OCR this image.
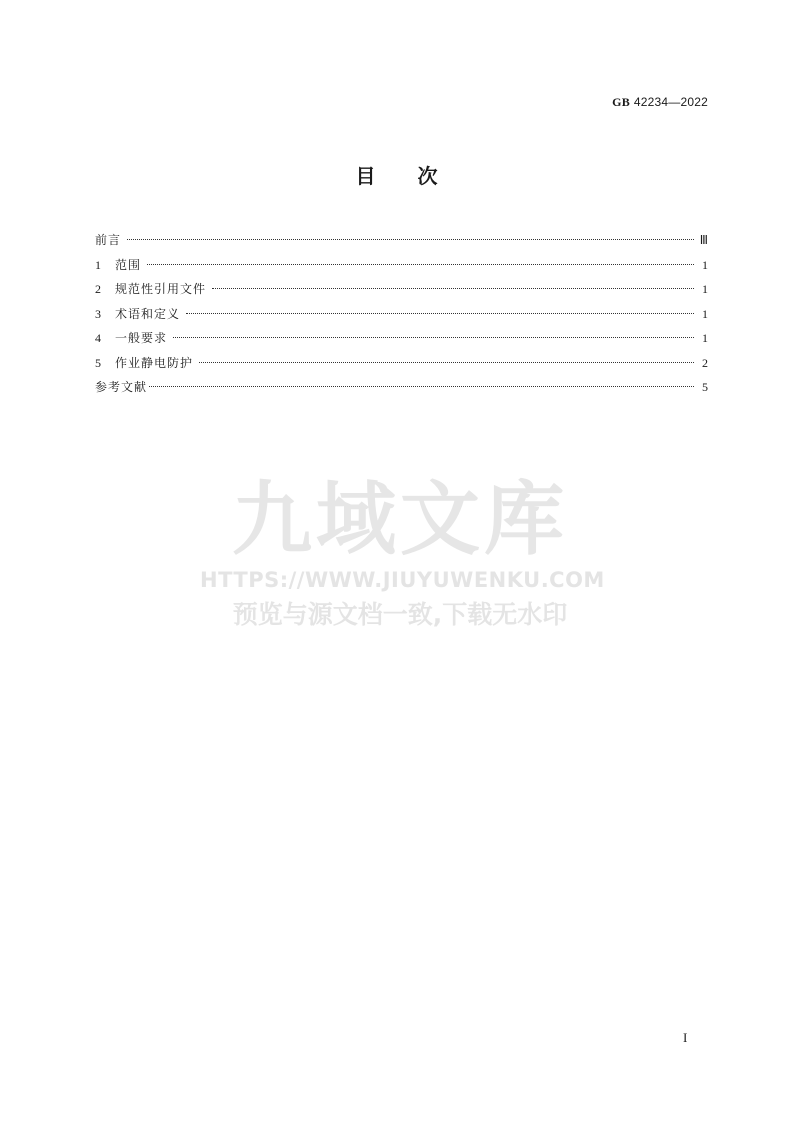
GB 42234—2022
目 次
前言	Ⅲ
1	范围	1
2	规范性引用文件	1
3	术语和定义	1
4	一般要求	1
5	作业静电防护	2
参考文献	5
九域文库
HTTPS://WWW.JIUYUWENKU.COM
预览与源文档一致,下载无水印
I
